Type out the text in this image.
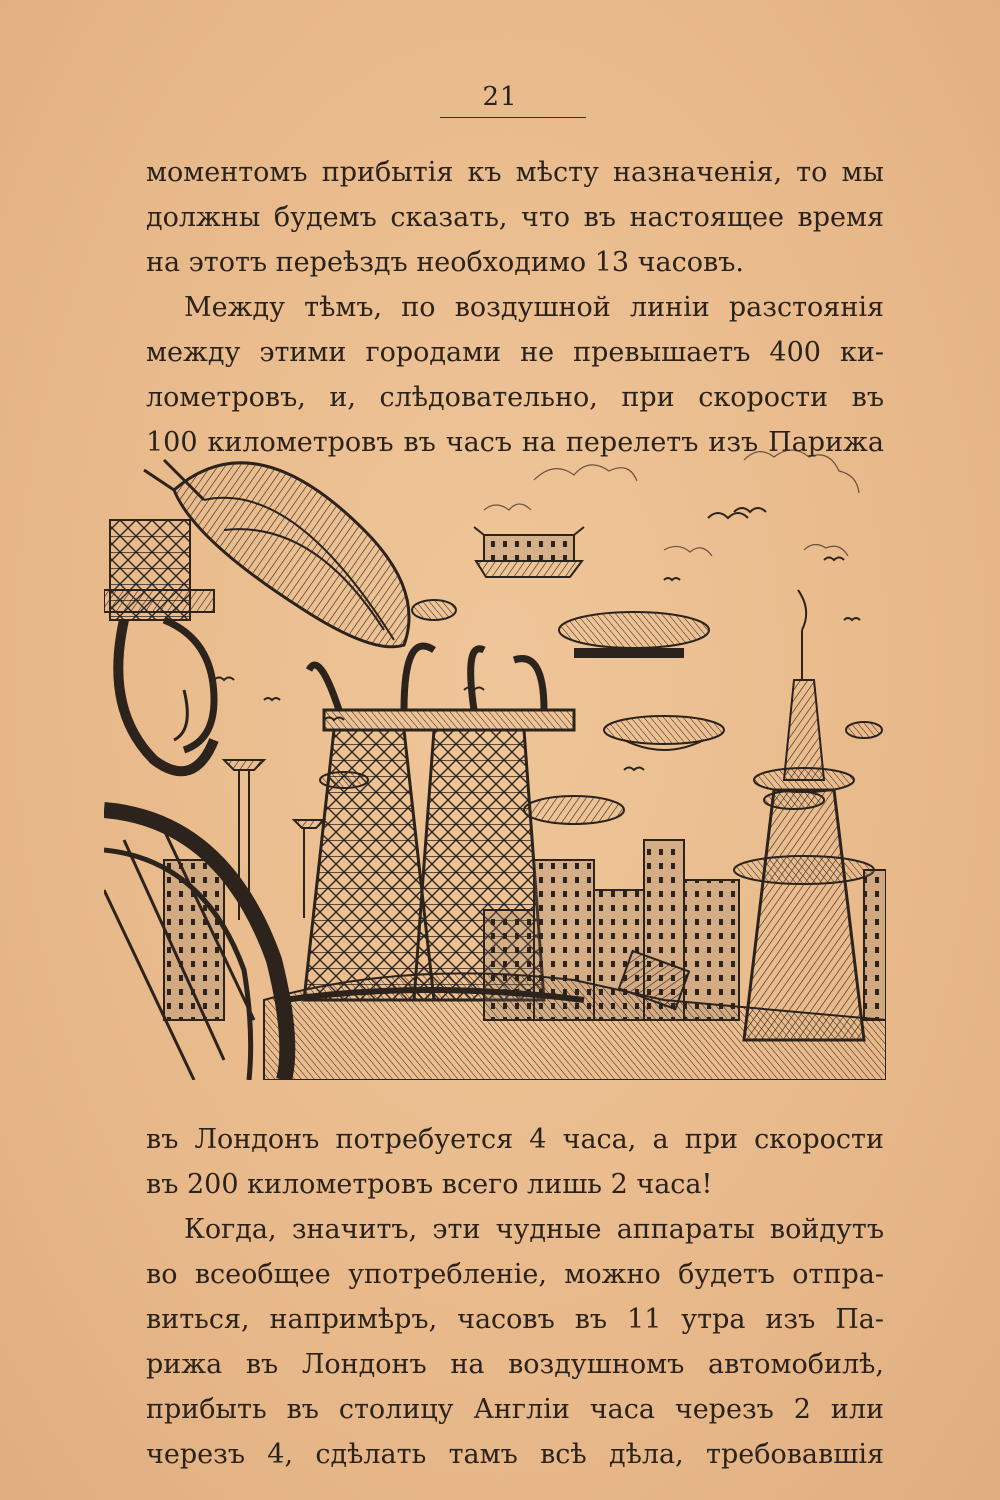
21
моментомъ прибытія къ мѣсту назначенія, то мы
должны будемъ сказать, что въ настоящее время
на этотъ переѣздъ необходимо 13 часовъ.
Между тѣмъ, по воздушной линіи разстоянія
между этими городами не превышаетъ 400 ки-
лометровъ, и, слѣдовательно, при скорости въ
100 километровъ въ часъ на перелетъ изъ Парижа
въ Лондонъ потребуется 4 часа, а при скорости
въ 200 километровъ всего лишь 2 часа!
Когда, значитъ, эти чудные аппараты войдутъ
во всеобщее употребленіе, можно будетъ отпра-
виться, напримѣръ, часовъ въ 11 утра изъ Па-
рижа въ Лондонъ на воздушномъ автомобилѣ,
прибыть въ столицу Англіи часа черезъ 2 или
черезъ 4, сдѣлать тамъ всѣ дѣла, требовавшія
